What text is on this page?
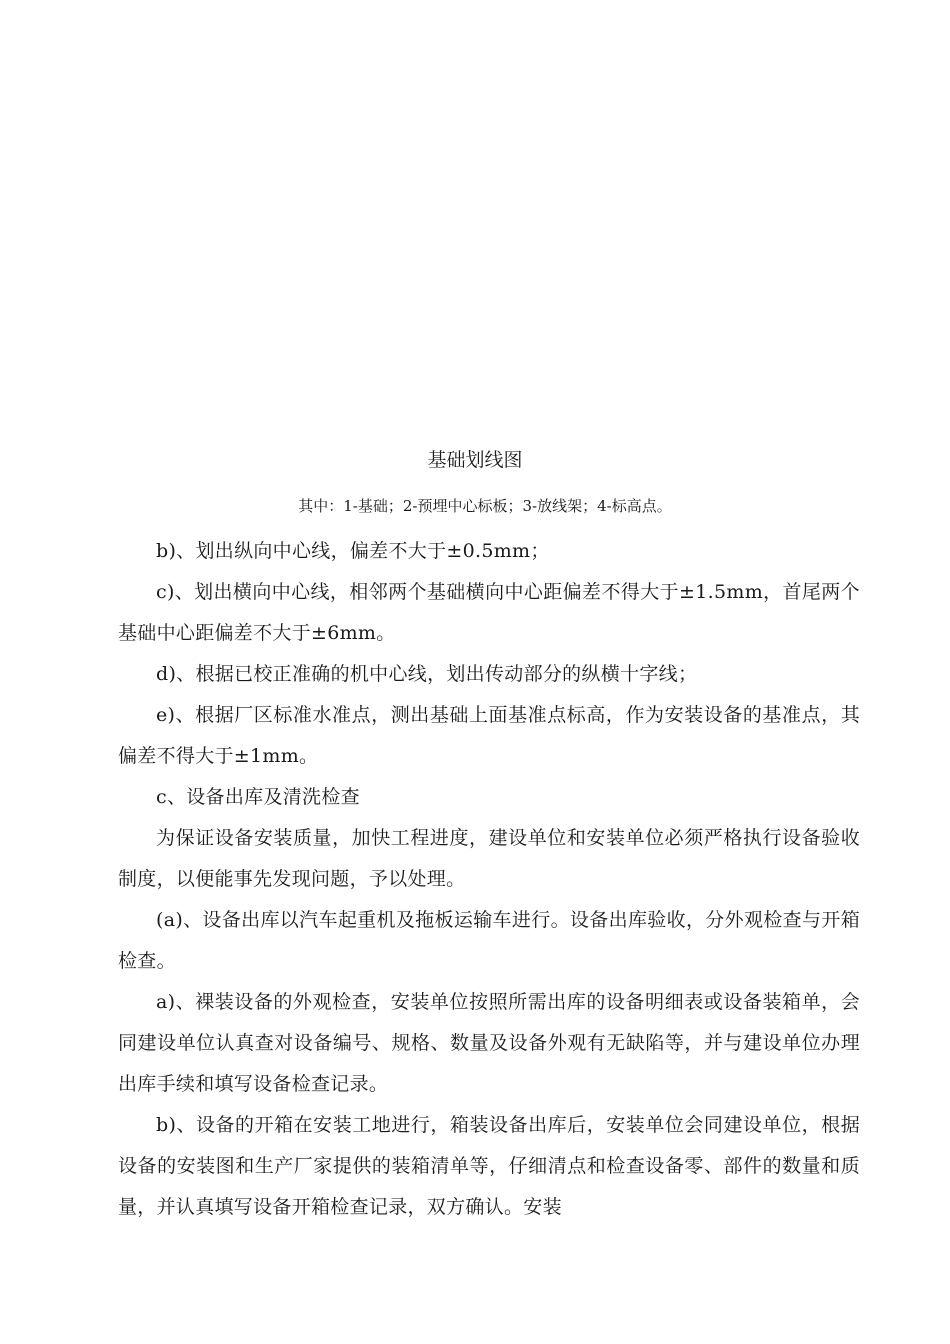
基础划线图
其中：1-基础；2-预埋中心标板；3-放线架；4-标高点。

b)、划出纵向中心线，偏差不大于±0.5mm；

c)、划出横向中心线，相邻两个基础横向中心距偏差不得大于±1.5mm，首尾两个基础中心距偏差不大于±6mm。

d)、根据已校正准确的机中心线，划出传动部分的纵横十字线；

e)、根据厂区标准水准点，测出基础上面基准点标高，作为安装设备的基准点，其偏差不得大于±1mm。

c、设备出库及清洗检查

为保证设备安装质量，加快工程进度，建设单位和安装单位必须严格执行设备验收制度，以便能事先发现问题，予以处理。

(a)、设备出库以汽车起重机及拖板运输车进行。设备出库验收，分外观检查与开箱检查。

a)、裸装设备的外观检查，安装单位按照所需出库的设备明细表或设备装箱单，会同建设单位认真查对设备编号、规格、数量及设备外观有无缺陷等，并与建设单位办理出库手续和填写设备检查记录。

b)、设备的开箱在安装工地进行，箱装设备出库后，安装单位会同建设单位，根据设备的安装图和生产厂家提供的装箱清单等，仔细清点和检查设备零、部件的数量和质量，并认真填写设备开箱检查记录，双方确认。安装
